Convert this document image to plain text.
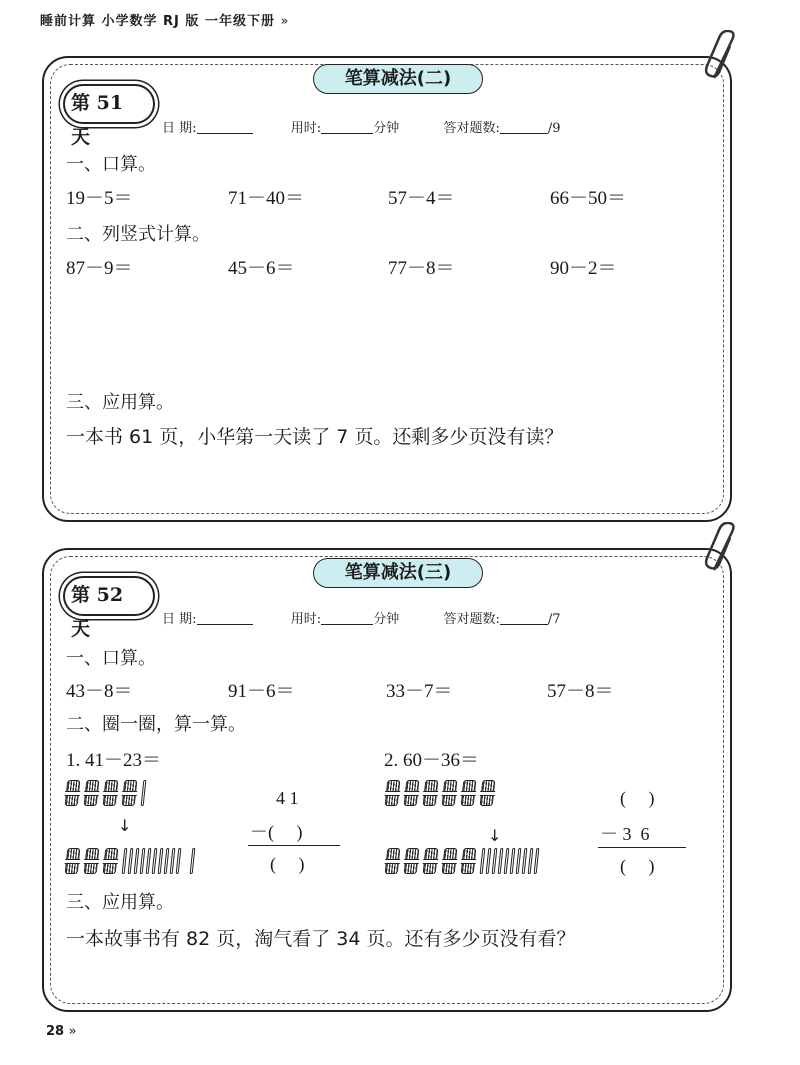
睡前计算 小学数学 RJ 版 一年级下册 »
笔算减法(二)
第 51 天	日 期:	用时:	分钟	答对题数:	/9
一、口算。
19－5＝	71－40＝	57－4＝	66－50＝
二、列竖式计算。
87－9＝	45－6＝	77－8＝	90－2＝
三、应用算。
一本书 61 页，小华第一天读了 7 页。还剩多少页没有读？
笔算减法(三)
第 52 天	日 期:	用时:	分钟	答对题数:	/7
一、口算。
43－8＝	91－6＝	33－7＝	57－8＝
二、圈一圈，算一算。
1. 41－23＝
↓
4 1
－(     )
(     )
2. 60－36＝
↓
(     )
－ 3  6
(     )
三、应用算。
一本故事书有 82 页，淘气看了 34 页。还有多少页没有看？
28 »
